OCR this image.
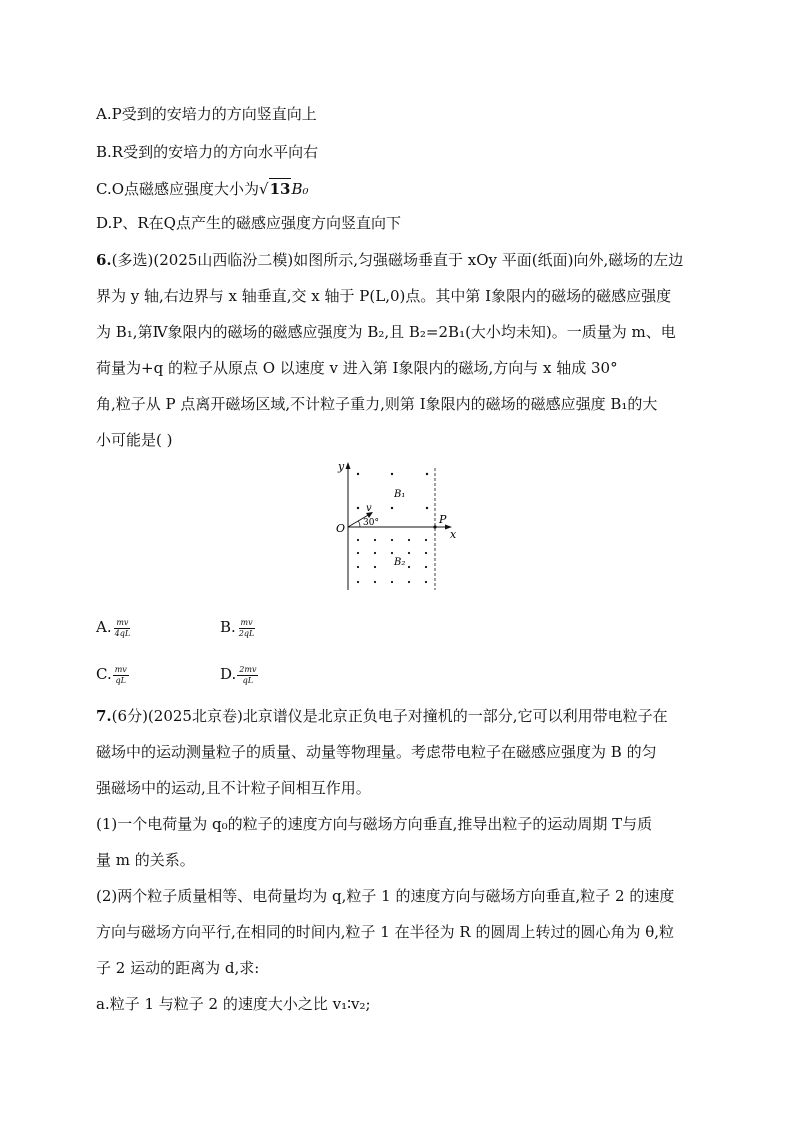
A.P受到的安培力的方向竖直向上
B.R受到的安培力的方向水平向右
C.O点磁感应强度大小为√13B₀
D.P、R在Q点产生的磁感应强度方向竖直向下
6.(多选)(2025山西临汾二模)如图所示,匀强磁场垂直于 xOy 平面(纸面)向外,磁场的左边
界为 y 轴,右边界与 x 轴垂直,交 x 轴于 P(L,0)点。其中第 Ⅰ象限内的磁场的磁感应强度
为 B₁,第Ⅳ象限内的磁场的磁感应强度为 B₂,且 B₂=2B₁(大小均未知)。一质量为 m、电
荷量为+q 的粒子从原点 O 以速度 v 进入第 Ⅰ象限内的磁场,方向与 x 轴成 30°
角,粒子从 P 点离开磁场区域,不计粒子重力,则第 Ⅰ象限内的磁场的磁感应强度 B₁的大
小可能是( )
y
x
P
O
v
30°
B₁
B₂
A. $\frac{mv}{4qL}$	B. $\frac{mv}{2qL}$
C. $\frac{mv}{qL}$	D. $\frac{2mv}{qL}$
7.(6分)(2025北京卷)北京谱仪是北京正负电子对撞机的一部分,它可以利用带电粒子在
磁场中的运动测量粒子的质量、动量等物理量。考虑带电粒子在磁感应强度为 B 的匀
强磁场中的运动,且不计粒子间相互作用。
(1)一个电荷量为 q₀的粒子的速度方向与磁场方向垂直,推导出粒子的运动周期 T与质
量 m 的关系。
(2)两个粒子质量相等、电荷量均为 q,粒子 1 的速度方向与磁场方向垂直,粒子 2 的速度
方向与磁场方向平行,在相同的时间内,粒子 1 在半径为 R 的圆周上转过的圆心角为 θ,粒
子 2 运动的距离为 d,求:
a.粒子 1 与粒子 2 的速度大小之比 v₁∶v₂;
